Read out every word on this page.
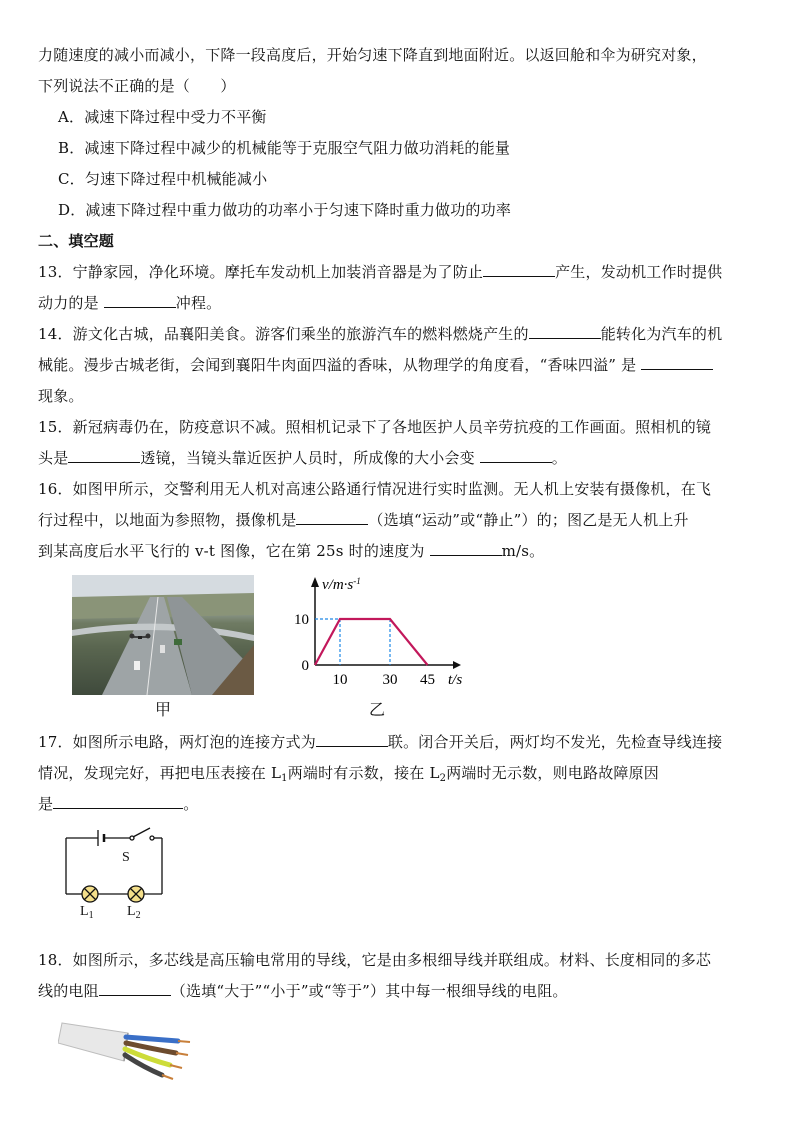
力随速度的减小而减小，下降一段高度后，开始匀速下降直到地面附近。以返回舱和伞为研究对象，
下列说法不正确的是（　　）
A．减速下降过程中受力不平衡
B．减速下降过程中减少的机械能等于克服空气阻力做功消耗的能量
C．匀速下降过程中机械能减小
D．减速下降过程中重力做功的功率小于匀速下降时重力做功的功率
二、填空题
13．宁静家园，净化环境。摩托车发动机上加装消音器是为了防止	产生，发动机工作时提供
动力的是	冲程。
14．游文化古城，品襄阳美食。游客们乘坐的旅游汽车的燃料燃烧产生的	能转化为汽车的机
械能。漫步古城老街，会闻到襄阳牛肉面四溢的香味，从物理学的角度看，“香味四溢” 是
现象。
15．新冠病毒仍在，防疫意识不减。照相机记录下了各地医护人员辛劳抗疫的工作画面。照相机的镜
头是	透镜，当镜头靠近医护人员时，所成像的大小会变	。
16．如图甲所示，交警利用无人机对高速公路通行情况进行实时监测。无人机上安装有摄像机，在飞
行过程中，以地面为参照物，摄像机是	（选填“运动”或“静止”）的；图乙是无人机上升
到某高度后水平飞行的 v-t 图像，它在第 25s 时的速度为	m/s。
甲
$v/m\cdot s^{-1}$
t/s
10 30 45
0
10
乙
17．如图所示电路，两灯泡的连接方式为	联。闭合开关后，两灯均不发光，先检查导线连接
情况，发现完好，再把电压表接在 $L_1$两端时有示数，接在 $L_2$两端时无示数，则电路故障原因
是	。
S
$L_1$ $L_2$
18．如图所示，多芯线是高压输电常用的导线，它是由多根细导线并联组成。材料、长度相同的多芯
线的电阻	（选填“大于”“小于”或“等于”）其中每一根细导线的电阻。
